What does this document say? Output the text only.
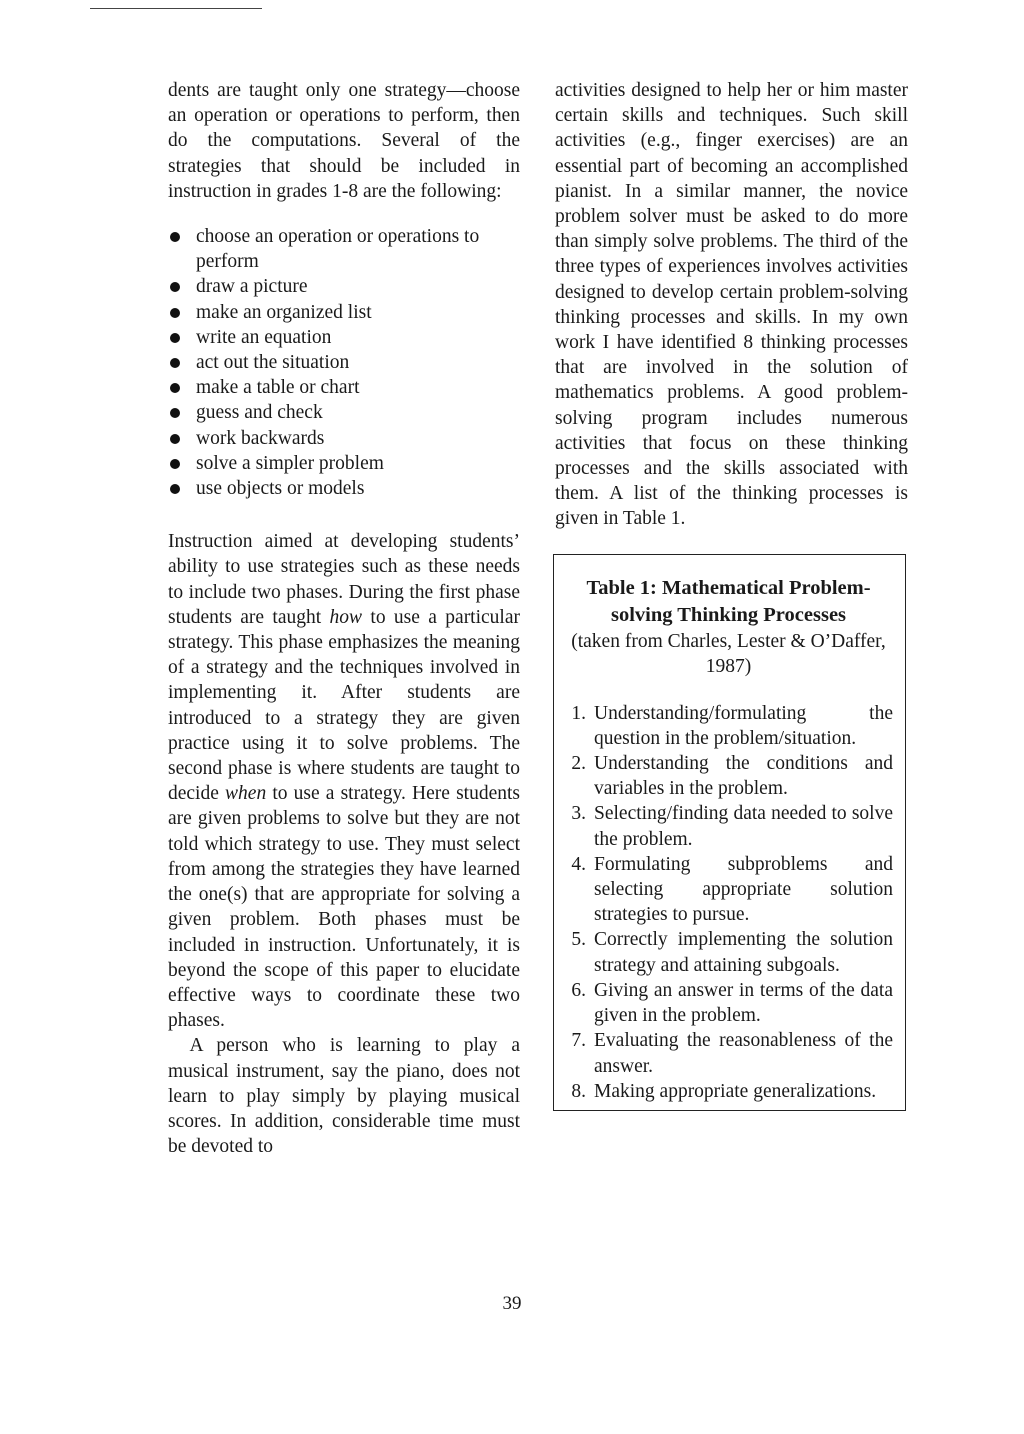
dents are taught only one strategy—choose an operation or operations to perform, then do the computations. Several of the strategies that should be included in instruction in grades 1-8 are the following:

choose an operation or operations to perform
draw a picture
make an organized list
write an equation
act out the situation
make a table or chart
guess and check
work backwards
solve a simpler problem
use objects or models

Instruction aimed at developing students’ ability to use strategies such as these needs to include two phases. During the first phase students are taught how to use a particular strategy. This phase emphasizes the meaning of a strategy and the techniques involved in implementing it. After students are introduced to a strategy they are given practice using it to solve problems. The second phase is where students are taught to decide when to use a strategy. Here students are given problems to solve but they are not told which strategy to use. They must select from among the strategies they have learned the one(s) that are appropriate for solving a given problem. Both phases must be included in instruction. Unfortunately, it is beyond the scope of this paper to elucidate effective ways to coordinate these two phases.

A person who is learning to play a musical instrument, say the piano, does not learn to play simply by playing musical scores. In addition, considerable time must be devoted to

activities designed to help her or him master certain skills and techniques. Such skill activities (e.g., finger exercises) are an essential part of becoming an accomplished pianist. In a similar manner, the novice problem solver must be asked to do more than simply solve problems. The third of the three types of experiences involves activities designed to develop certain problem-solving thinking processes and skills. In my own work I have identified 8 thinking processes that are involved in the solution of mathematics problems. A good problem-solving program includes numerous activities that focus on these thinking processes and the skills associated with them. A list of the thinking processes is given in Table 1.

Table 1: Mathematical Problem-solving Thinking Processes
(taken from Charles, Lester & O’Daffer, 1987)
1. Understanding/formulating the question in the problem/situation.
2. Understanding the conditions and variables in the problem.
3. Selecting/finding data needed to solve the problem.
4. Formulating subproblems and selecting appropriate solution strategies to pursue.
5. Correctly implementing the solution strategy and attaining subgoals.
6. Giving an answer in terms of the data given in the problem.
7. Evaluating the reasonableness of the answer.
8. Making appropriate generalizations.
39
